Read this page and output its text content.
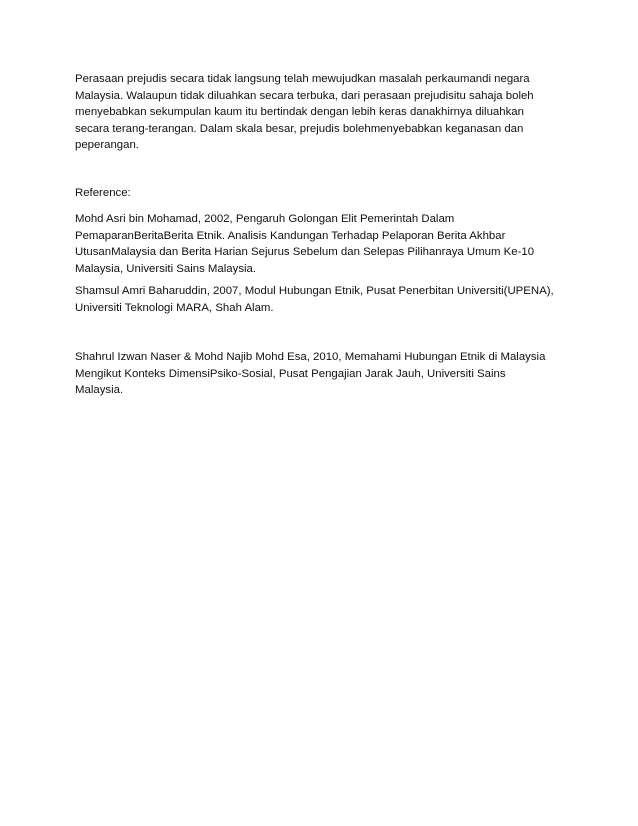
Perasaan prejudis secara tidak langsung telah mewujudkan masalah perkaumandi negara
Malaysia. Walaupun tidak diluahkan secara terbuka, dari perasaan prejudisitu sahaja boleh
menyebabkan sekumpulan kaum itu bertindak dengan lebih keras danakhirnya diluahkan
secara terang-terangan. Dalam skala besar, prejudis bolehmenyebabkan keganasan dan
peperangan.
Reference:
Mohd Asri bin Mohamad, 2002, Pengaruh Golongan Elit Pemerintah Dalam
PemaparanBeritaBerita Etnik. Analisis Kandungan Terhadap Pelaporan Berita Akhbar
UtusanMalaysia dan Berita Harian Sejurus Sebelum dan Selepas Pilihanraya Umum Ke-10
Malaysia, Universiti Sains Malaysia.
Shamsul Amri Baharuddin, 2007, Modul Hubungan Etnik, Pusat Penerbitan Universiti(UPENA),
Universiti Teknologi MARA, Shah Alam.
Shahrul Izwan Naser & Mohd Najib Mohd Esa, 2010, Memahami Hubungan Etnik di Malaysia
Mengikut Konteks DimensiPsiko-Sosial, Pusat Pengajian Jarak Jauh, Universiti Sains
Malaysia.
